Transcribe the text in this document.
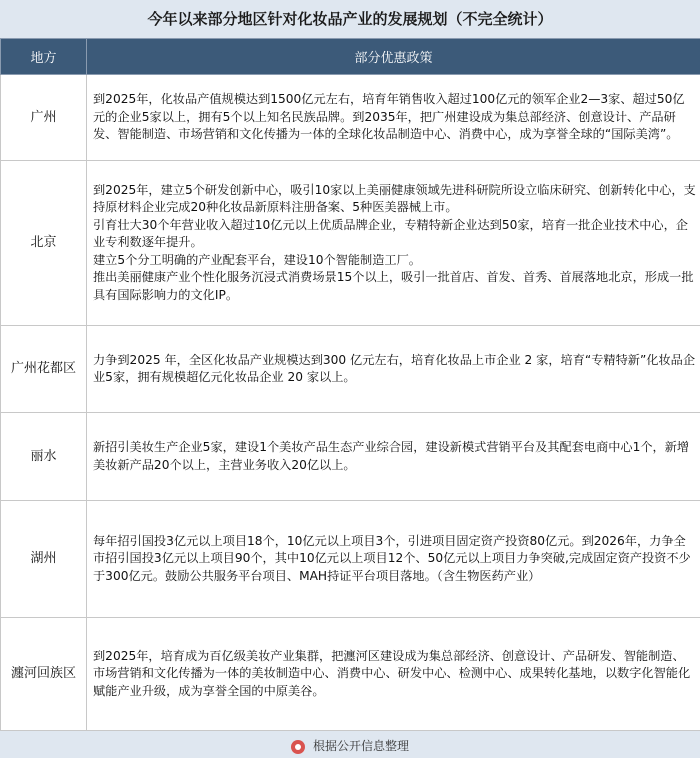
今年以来部分地区针对化妆品产业的发展规划（不完全统计）
地方	部分优惠政策
广州	到2025年，化妆品产值规模达到1500亿元左右，培育年销售收入超过100亿元的领军企业2—3家、超过50亿元的企业5家以上，拥有5个以上知名民族品牌。到2035年，把广州建设成为集总部经济、创意设计、产品研发、智能制造、市场营销和文化传播为一体的全球化妆品制造中心、消费中心，成为享誉全球的“国际美湾”。

北京	到2025年，建立5个研发创新中心，吸引10家以上美丽健康领域先进科研院所设立临床研究、创新转化中心，支持原材料企业完成20种化妆品新原料注册备案、5种医美器械上市。

引育壮大30个年营业收入超过10亿元以上优质品牌企业，专精特新企业达到50家，培育一批企业技术中心，企业专利数逐年提升。

建立5个分工明确的产业配套平台，建设10个智能制造工厂。

推出美丽健康产业个性化服务沉浸式消费场景15个以上，吸引一批首店、首发、首秀、首展落地北京，形成一批具有国际影响力的文化IP。

广州花都区	力争到2025 年，全区化妆品产业规模达到300 亿元左右，培育化妆品上市企业 2 家，培育“专精特新”化妆品企业5家，拥有规模超亿元化妆品企业 20 家以上。

丽水	新招引美妆生产企业5家，建设1个美妆产品生态产业综合园，建设新模式营销平台及其配套电商中心1个，新增美妆新产品20个以上，主营业务收入20亿以上。

湖州	每年招引国投3亿元以上项目18个，10亿元以上项目3个，引进项目固定资产投资80亿元。到2026年，力争全市招引国投3亿元以上项目90个，其中10亿元以上项目12个、50亿元以上项目力争突破,完成固定资产投资不少于300亿元。鼓励公共服务平台项目、MAH持证平台项目落地。（含生物医药产业）

瀍河回族区	到2025年，培育成为百亿级美妆产业集群，把瀍河区建设成为集总部经济、创意设计、产品研发、智能制造、市场营销和文化传播为一体的美妆制造中心、消费中心、研发中心、检测中心、成果转化基地，以数字化智能化赋能产业升级，成为享誉全国的中原美谷。

根据公开信息整理
